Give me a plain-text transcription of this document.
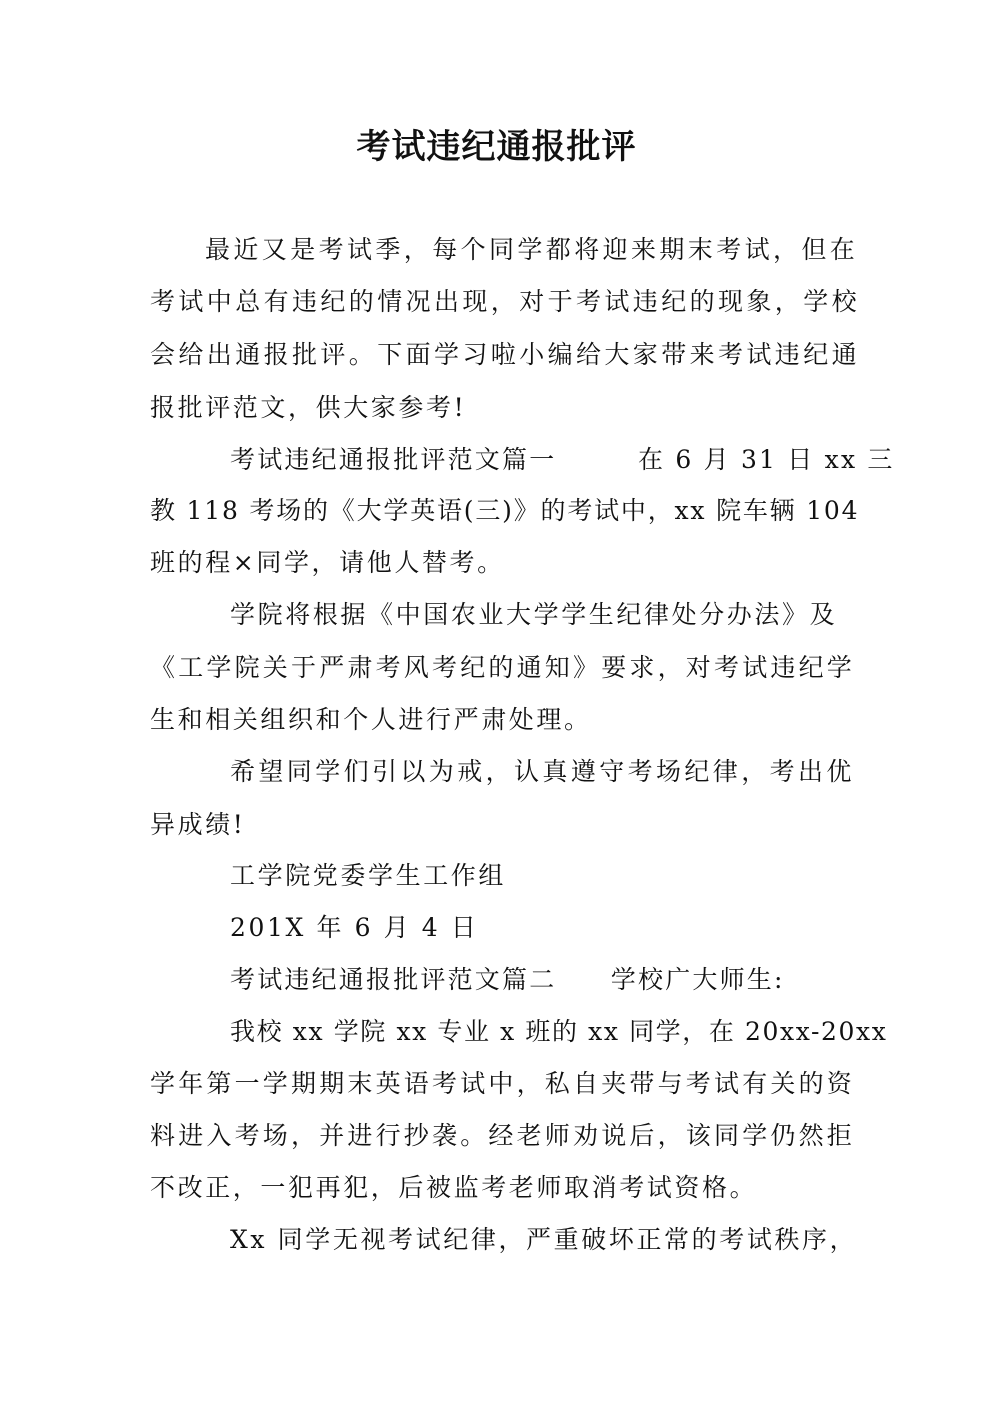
考试违纪通报批评
最近又是考试季，每个同学都将迎来期末考试，但在
考试中总有违纪的情况出现，对于考试违纪的现象，学校
会给出通报批评。下面学习啦小编给大家带来考试违纪通
报批评范文，供大家参考!
考试违纪通报批评范文篇一　　　在 6 月 31 日 xx 三
教 118 考场的《大学英语(三)》的考试中，xx 院车辆 104
班的程×同学，请他人替考。
学院将根据《中国农业大学学生纪律处分办法》及
《工学院关于严肃考风考纪的通知》要求，对考试违纪学
生和相关组织和个人进行严肃处理。
希望同学们引以为戒，认真遵守考场纪律，考出优
异成绩!
工学院党委学生工作组
201X 年 6 月 4 日
考试违纪通报批评范文篇二　　学校广大师生:
我校 xx 学院 xx 专业 x 班的 xx 同学，在 20xx-20xx
学年第一学期期末英语考试中，私自夹带与考试有关的资
料进入考场，并进行抄袭。经老师劝说后，该同学仍然拒
不改正，一犯再犯，后被监考老师取消考试资格。
Xx 同学无视考试纪律，严重破坏正常的考试秩序，
